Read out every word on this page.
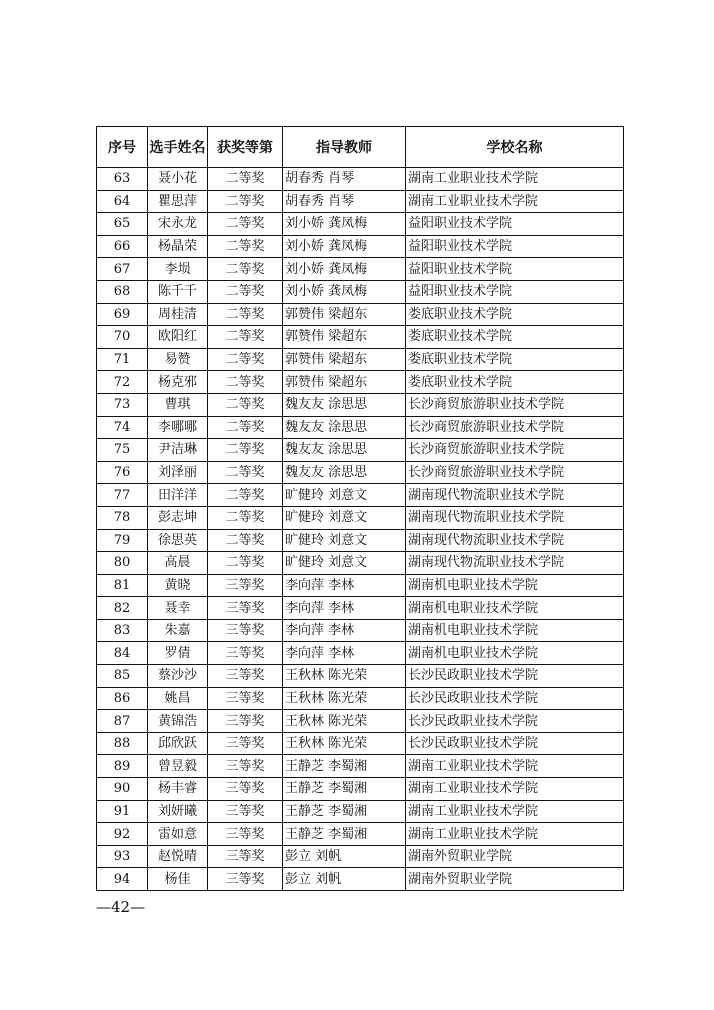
序号	选手姓名	获奖等第	指导教师	学校名称
63	聂小花	二等奖	胡春秀 肖琴	湖南工业职业技术学院
64	瞿思萍	二等奖	胡春秀 肖琴	湖南工业职业技术学院
65	宋永龙	二等奖	刘小娇 龚凤梅	益阳职业技术学院
66	杨晶荣	二等奖	刘小娇 龚凤梅	益阳职业技术学院
67	李埙	二等奖	刘小娇 龚凤梅	益阳职业技术学院
68	陈千千	二等奖	刘小娇 龚凤梅	益阳职业技术学院
69	周桂清	二等奖	郭赞伟 梁超东	娄底职业技术学院
70	欧阳红	二等奖	郭赞伟 梁超东	娄底职业技术学院
71	易赞	二等奖	郭赞伟 梁超东	娄底职业技术学院
72	杨克邪	二等奖	郭赞伟 梁超东	娄底职业技术学院
73	曹琪	二等奖	魏友友 涂思思	长沙商贸旅游职业技术学院
74	李哪哪	二等奖	魏友友 涂思思	长沙商贸旅游职业技术学院
75	尹洁琳	二等奖	魏友友 涂思思	长沙商贸旅游职业技术学院
76	刘泽丽	二等奖	魏友友 涂思思	长沙商贸旅游职业技术学院
77	田洋洋	二等奖	旷健玲 刘意文	湖南现代物流职业技术学院
78	彭志坤	二等奖	旷健玲 刘意文	湖南现代物流职业技术学院
79	徐思英	二等奖	旷健玲 刘意文	湖南现代物流职业技术学院
80	高晨	二等奖	旷健玲 刘意文	湖南现代物流职业技术学院
81	黄晓	三等奖	李向萍 李林	湖南机电职业技术学院
82	聂幸	三等奖	李向萍 李林	湖南机电职业技术学院
83	朱嘉	三等奖	李向萍 李林	湖南机电职业技术学院
84	罗倩	三等奖	李向萍 李林	湖南机电职业技术学院
85	蔡沙沙	三等奖	王秋林 陈光荣	长沙民政职业技术学院
86	姚昌	三等奖	王秋林 陈光荣	长沙民政职业技术学院
87	黄锦浩	三等奖	王秋林 陈光荣	长沙民政职业技术学院
88	邱欣跃	三等奖	王秋林 陈光荣	长沙民政职业技术学院
89	曾昱毅	三等奖	王静芝 李蜀湘	湖南工业职业技术学院
90	杨丰睿	三等奖	王静芝 李蜀湘	湖南工业职业技术学院
91	刘妍曦	三等奖	王静芝 李蜀湘	湖南工业职业技术学院
92	雷如意	三等奖	王静芝 李蜀湘	湖南工业职业技术学院
93	赵悦晴	三等奖	彭立 刘帆	湖南外贸职业学院
94	杨佳	三等奖	彭立 刘帆	湖南外贸职业学院
—42—
